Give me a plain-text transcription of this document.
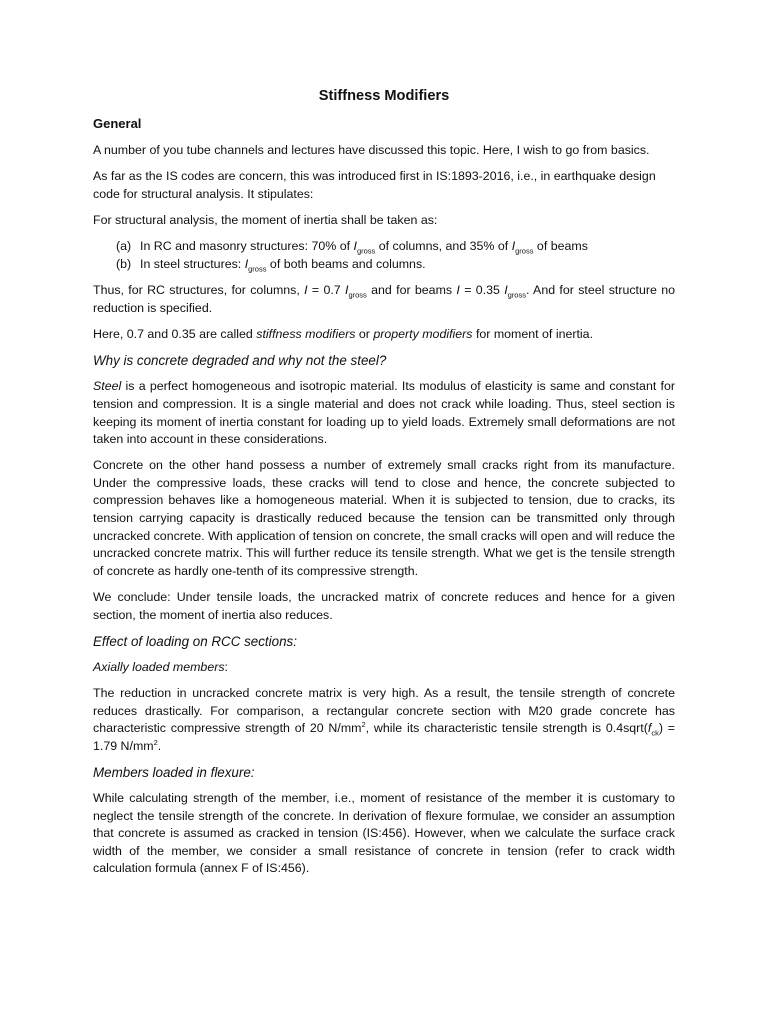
Stiffness Modifiers
General

A number of you tube channels and lectures have discussed this topic. Here, I wish to go from basics.

As far as the IS codes are concern, this was introduced first in IS:1893-2016, i.e., in earthquake design code for structural analysis. It stipulates:

For structural analysis, the moment of inertia shall be taken as:

(a) In RC and masonry structures: 70% of $I_{gross}$ of columns, and 35% of $I_{gross}$ of beams
(b) In steel structures: $I_{gross}$ of both beams and columns.

Thus, for RC structures, for columns, I = 0.7 $I_{gross}$ and for beams I = 0.35 $I_{gross}$. And for steel structure no reduction is specified.

Here, 0.7 and 0.35 are called stiffness modifiers or property modifiers for moment of inertia.

Why is concrete degraded and why not the steel?

Steel is a perfect homogeneous and isotropic material. Its modulus of elasticity is same and constant for tension and compression. It is a single material and does not crack while loading. Thus, steel section is keeping its moment of inertia constant for loading up to yield loads. Extremely small deformations are not taken into account in these considerations.

Concrete on the other hand possess a number of extremely small cracks right from its manufacture. Under the compressive loads, these cracks will tend to close and hence, the concrete subjected to compression behaves like a homogeneous material. When it is subjected to tension, due to cracks, its tension carrying capacity is drastically reduced because the tension can be transmitted only through uncracked concrete. With application of tension on concrete, the small cracks will open and will reduce the uncracked concrete matrix. This will further reduce its tensile strength. What we get is the tensile strength of concrete as hardly one-tenth of its compressive strength.

We conclude: Under tensile loads, the uncracked matrix of concrete reduces and hence for a given section, the moment of inertia also reduces.

Effect of loading on RCC sections:

Axially loaded members:

The reduction in uncracked concrete matrix is very high. As a result, the tensile strength of concrete reduces drastically. For comparison, a rectangular concrete section with M20 grade concrete has characteristic compressive strength of 20 $N/mm^2$, while its characteristic tensile strength is $0.4sqrt(f_{ck}) = 1.79$ $N/mm^2$.

Members loaded in flexure:

While calculating strength of the member, i.e., moment of resistance of the member it is customary to neglect the tensile strength of the concrete. In derivation of flexure formulae, we consider an assumption that concrete is assumed as cracked in tension (IS:456). However, when we calculate the surface crack width of the member, we consider a small resistance of concrete in tension (refer to crack width calculation formula (annex F of IS:456).
